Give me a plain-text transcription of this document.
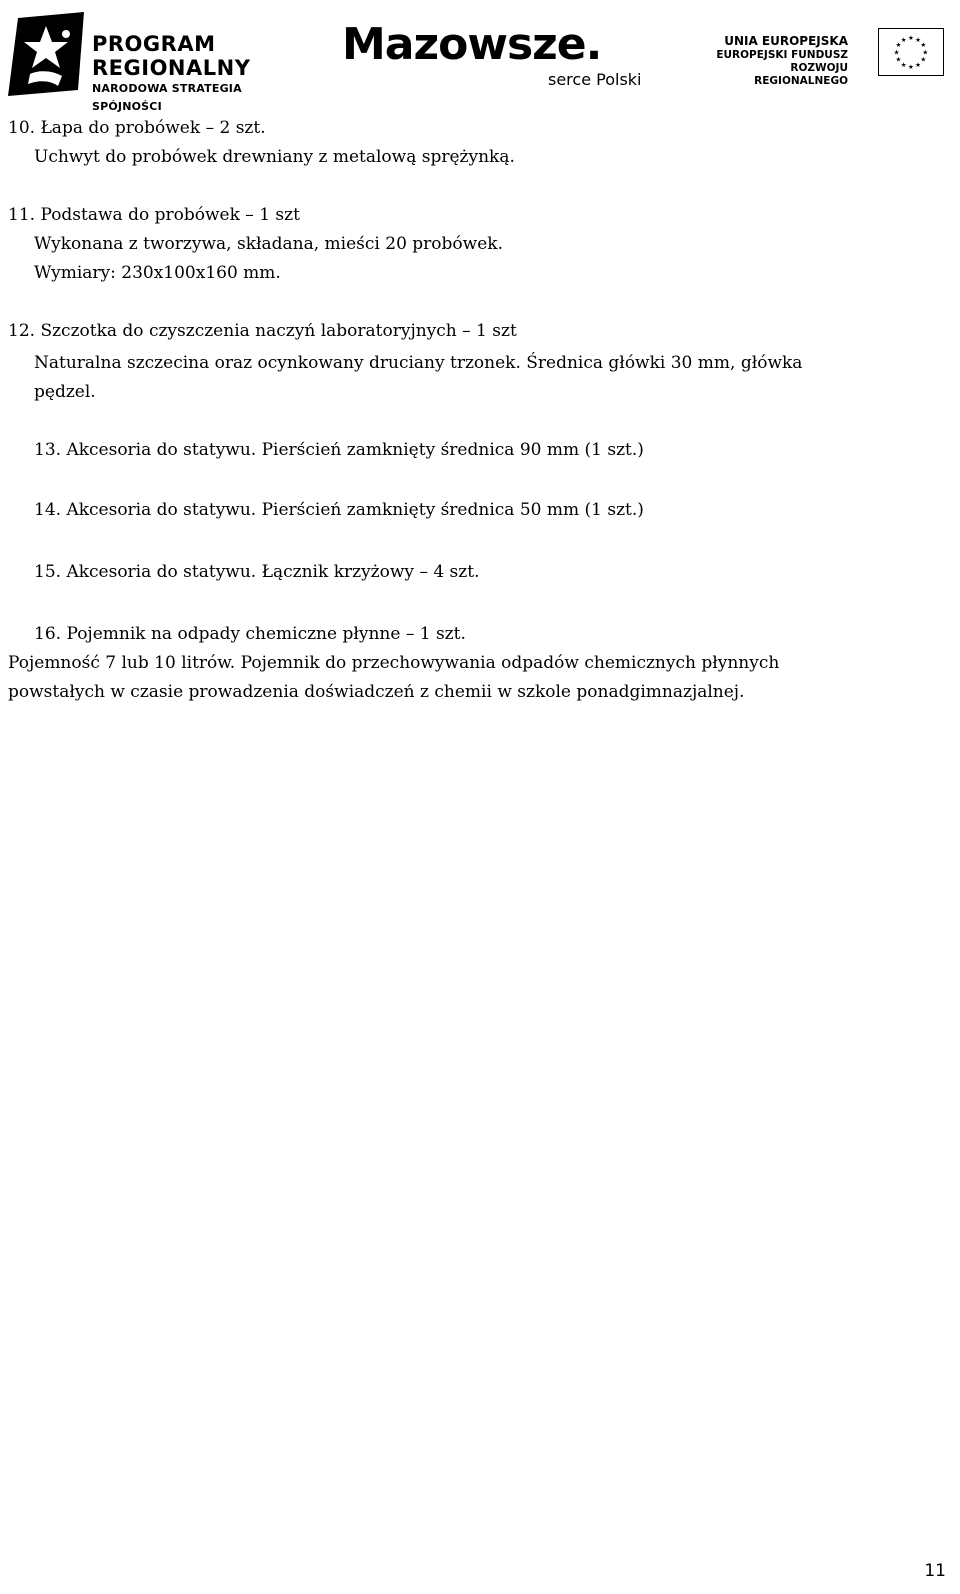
PROGRAM
REGIONALNY
NARODOWA STRATEGIA SPÓJNOŚCI
Mazowsze.
serce Polski
UNIA EUROPEJSKA
EUROPEJSKI FUNDUSZ
ROZWOJU REGIONALNEGO
★
★
★
★
★
★
★
★
★ ★ ★
★
10. Łapa do probówek – 2 szt.
Uchwyt do probówek drewniany z metalową sprężynką.
11. Podstawa do probówek – 1 szt
Wykonana z tworzywa, składana, mieści 20 probówek.
Wymiary: 230x100x160 mm.
12. Szczotka do czyszczenia naczyń laboratoryjnych – 1 szt
Naturalna szczecina oraz ocynkowany druciany trzonek. Średnica główki 30 mm, główka
pędzel.
13. Akcesoria do statywu. Pierścień zamknięty średnica 90 mm (1 szt.)
14. Akcesoria do statywu. Pierścień zamknięty średnica 50 mm (1 szt.)
15. Akcesoria do statywu. Łącznik krzyżowy – 4 szt.
16. Pojemnik na odpady chemiczne płynne – 1 szt.
Pojemność 7 lub 10 litrów. Pojemnik do przechowywania odpadów chemicznych płynnych
powstałych w czasie prowadzenia doświadczeń z chemii w szkole ponadgimnazjalnej.
11
